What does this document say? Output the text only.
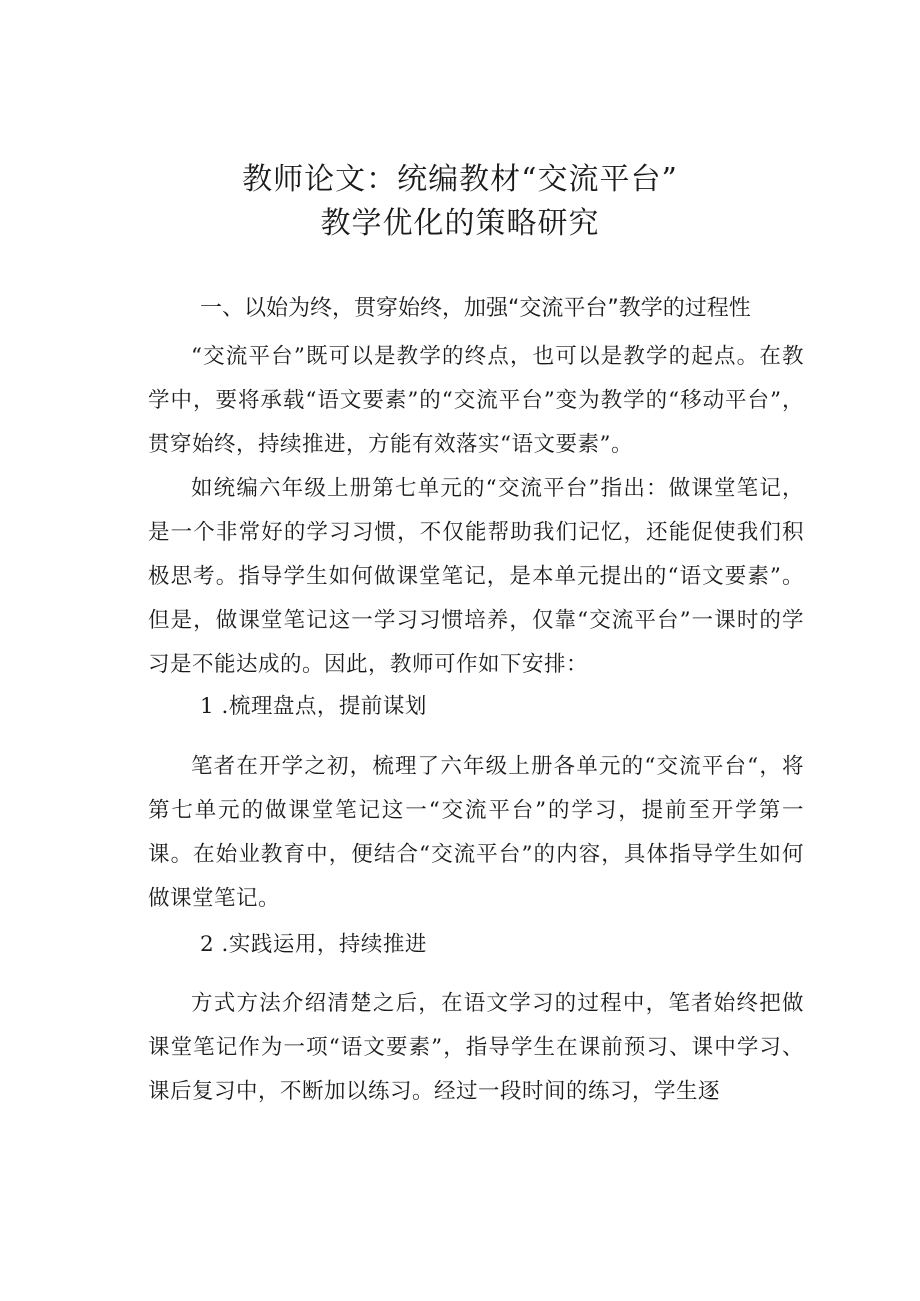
教师论文：统编教材“交流平台”
教学优化的策略研究
一、以始为终，贯穿始终，加强“交流平台”教学的过程性
“交流平台”既可以是教学的终点，也可以是教学的起点。在教学中，要将承载“语文要素”的“交流平台”变为教学的“移动平台”，贯穿始终，持续推进，方能有效落实“语文要素”。
如统编六年级上册第七单元的“交流平台”指出：做课堂笔记，是一个非常好的学习习惯，不仅能帮助我们记忆，还能促使我们积极思考。指导学生如何做课堂笔记，是本单元提出的“语文要素”。但是，做课堂笔记这一学习习惯培养，仅靠“交流平台”一课时的学习是不能达成的。因此，教师可作如下安排：
1 .梳理盘点，提前谋划
笔者在开学之初，梳理了六年级上册各单元的“交流平台“，将第七单元的做课堂笔记这一“交流平台”的学习，提前至开学第一课。在始业教育中，便结合“交流平台”的内容，具体指导学生如何做课堂笔记。
2 .实践运用，持续推进
方式方法介绍清楚之后，在语文学习的过程中，笔者始终把做课堂笔记作为一项“语文要素”，指导学生在课前预习、课中学习、课后复习中，不断加以练习。经过一段时间的练习，学生逐
